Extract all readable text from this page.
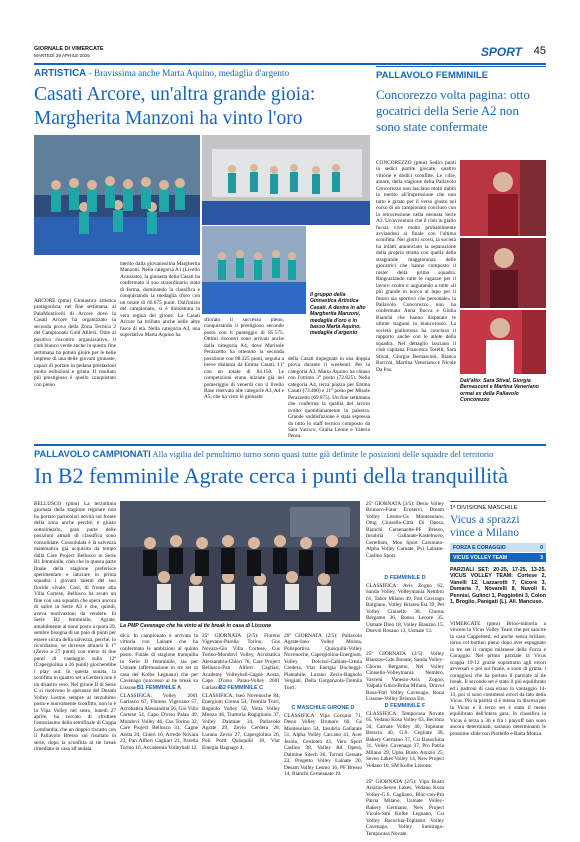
GIORNALE DI VIMERCATE
MARTEDÌ 29 APRILE 2025	SPORT 45
ARTISTICA - Bravissima anche Marta Aquino, medaglia d'argento
Casati Arcore, un'altra grande gioia: Margherita Manzoni ha vinto l'oro
Il gruppo della Ginnastica Artistica Casati. A destra in alto Margherita Manzoni, medaglia d'oro e in basso Marta Aquino, medaglia d'argento
ARCORE (pmu) Ginnastica artistica protagonista, nel fine settimana, al PalaMonticelli di Arcore dove la Casati Arcore ha organizzato la seconda prova della Zona Tecnica 2 del Campionato Gold Allievi. Oltre al positivo riscontro organizzativo, il club bianco verde anche in questo fine settimana ha potuto gioire per le belle imprese di una delle giovani ginnaste, capaci di portare in pedana prestazioni molto esibizioni e grinta. Il risultato più prestigioso è quello conquistato con pieno
merito dalla giovanissima Margherita Manzoni. Nella categoria A1 (Livello Avanzato), la ginnasta della Casati ha confermato il suo straordinario stato di forma, dominando la classifica e conquistando la medaglia d'oro con un totale di 66.675 punti. Dall'inizio del campionato, si è dimostrata la vera regina del girone. La Casati Arcore ha brillato anche nelle altre fasce di età. Nella categoria A3, una superlativa Marta Aquino ha
sfiorato il successo pieno, conquistando il prestigioso secondo posto con il punteggio di 85.575. Ottimi riscontri sono arrivati anche dalla categoria A4, dove Marisole Perazzetto ha ottenuto la seconda posizione con 88.325 punti, seguita a breve distanza da Emma Casati, 11ª con un totale di 84.150. Le competizioni erano iniziate già nel pomeriggio di venerdì con il livello Base riservato alle categorie A3, A4 e A5, che ha visto le ginnaste
della Casati impegnate in una doppia prova durante il weekend. Per la categoria A3, Marta Aquino ha chiuso con l'ottimo 3° posto (72.825). Nella categoria A4, terza piazza per Emma Casati (73.400) e 11° posto per Misole Perazzetto (69.875). Un fine settimana che conferma la qualità del lavoro svolto quotidianamente in palestra. Grande soddisfazione è stata espressa da tutto lo staff tecnico composto da Sara Varisco, Giulia Leone e Valeria Pensa.
PALLAVOLO FEMMINILE
Concorezzo volta pagina: otto gocatrici della Serie A2 non sono state confermate
CONCOREZZO (pmu) Sedici punti in sedici partite giocate, quattro vittorie e dodici sconfitte. Le cifre, amare, della stagione della Pallavolo Concorezzo non lasciano molti dubbi in merito all'impressione che non tutto è girato per il verso giusto nel corso di un campionato concluso con la retrocessione nella neonata Serie A3. Un'avventura che il club in giallo fucsia vive molto probabilmente avviandosi al finale con l'ultima sconfitta. Nei giorni scorsi, la società ha infatti annunciato la separazione dalla propria stratta con quella della stragrande maggioranza delle giocatrici che hanno composto il roster della prima squadra. Ringraziando tutte le ragazze per il lavoro svolto e augurando a tutte «il più grande in bocca al lupo per il futuro sia sportivo che personale» la Pallavolo Concorezzo non ha confermato Anna Bocca e Giulia Bianchi che hanno disputato le ultime stagioni in biancorosso. La società giallorossa ha concluso il rapporto anche con le atlete della squadra. Nel dettaglio lasciano il club capitana Francesca Torelli, Sara Stival, Giorgia Bernasconi, Bianca Barcchi, Martina Veneriano e Nicole Da Pos.
Dall'alto: Sara Stival, Giorgia Bernasconi e Martina Veneriano ormai ex della Pallavolo Concorezzo
PALLAVOLO CAMPIONATI Alla vigilia del penultimo turno sono quasi tutte già definite le posizioni delle squadre del territorio
In B2 femminile Agrate cerca i punti della tranquillità
BELLUSCO (pmu) La terzultima giornata della stagione regolare non ha portato particolari novità sul fronte della zona anche perché, è giusto sottolinearlo, gran parte delle posizioni attuali di classifica sono consolidate. Consolidata è la salvezza matematica già acquisita da tempo dalla Care Project Bellusco in Serie B1 femminile, club che in questa parte finale della stagione preferisce sperimentare e lanciare in prima squadra i giovani talenti del suo florido vivaio. Così, di fronte alla Villa Cortese, Bellusco ha avuto un fine con una squadra che spera ancora di salire in Serie A3 e che, quindi, aveva motivazioni da vendere. In Serie B2 femminile, Agrate, amabilmente al nono posto a quota 29, sembre bisogna di un paio di punti per essere sicura della salvezza, perché, lo ricordiamo, se dovesse attuarsi il 1° (Zevio a 27 punti) con meno di due punti di vantaggio sulla 12ª (Capergiolina a 26 punti) giocherebbe i play out. In questa sonata, la sconfitta in quattro set a Cerdera non è un disastro vero. Nel girone D di Serie C si risolvono le speranze del Desam Volley Lesmo sempre al terzultimo posto e nuovamente sconfitto, non lo è la Vipa Volley nel sesto, lunedì 27 aprile, ha cercato di sfruttare l'entusiasmo della semifinale di Coppa Lombardia, che un doppio riscatto con il Pallavolo Bresso sul risultato in serie, dopo la sconfitta al tie break rimediata in casa all'andata.
La PMP Cavenago che ha vinto al tie break in casa di Lissone
dica. In campionato è arrivata la vittoria con Lainate che ha confermato le ambizioni al quinto posto. Finale di stagione tranquilla in Serie D femminile, sia per Usmate (affermazione in tre set in casa del Kolbe Legnano) che per Cavenago (successo al tie break su Lissone)
B1 FEMMINILE A
CLASSIFICA: Volley 2001 Garlasco 67, Florens Vigevano 57, Acrobatica Alessandria 56, Giò Villa Cortese 54, Capo D'orso Palau 49, Mondovì Volley 46, Cus Torino 32, Care Project Bellusco 31, Cagne Aosta 24, Chieri 16, Arredo Novara 23, Pan Alfieri Cagliari 21, Parella Torino 16, Accademia Volleyball 12.
25ª GIORNATA (2/5): Florens Vigevano-Parella Torino, Gos Novara-Giò Villa Cortese, Cus Torino-Mondovì Volley, Acrobatica Alessandria-Chieri 76, Care Project Bellusco-Pan Alfieri Cagliari, Academy Volleyball-Cagne Aosta, Capo D'orso Palau-Volley 2001 Garlasco.
B2 FEMMINILE C
CLASSIFICA: Iseo Novenoche 84, Energium Crema 54, Tremila Torri, Bagnolo Volley 50, Volta Volley Monza 46, Trattoria Rugigiuolo 37, Volley Dalmine 34, Pallavolo Agrate 29, Zevio Cerdera 28, Lurano Zevio 27, Capergiolina 26, Poli Porti Quisquilii 18, Viar Energia Bagnago 4.
26ª GIORNATA (2/5): Pallavolo Agrate-Iseo Volley Monza, Polisportiva Quisquilii-Volley Novenoche, Capergiolina-Energium, Volley Dolcissi-Cabiate-Cresia Credera, Viar Energia Bucheggi-Plantabile, Lurano Zevio-Bagnolo Vergiati, Della Gorgonzola-Tremila Torri.
C MASCHILE GIRONE D
CLASSIFICA: Vipa Cocquio 71, Desio Volley Brunoro 60, Gs Montesolaro 54, Insubria Gallarate 51, Alpha Volley Carcano 41, Acer Jesolo, Cerdoten 41, Vero Sport Caslino 38, Volley Rd Opera, Dalmine Sitech 36, Torruti Gessate 23, Progetto Volley Lainate 20, Desam Volley Lesmo 16, PF Bresso 14, Bianchi Cerneanate 10.
25ª GIORNATA (3/5): Desio Volley Brunoro-Futur Ecoservi, Dream Volley Lesmo-Gs Montesolaro, Omg Cinisello-Città Di Opera, Bianchi Carsenaelte-PF Bresso, Insubria Gallarate-Kastelnovo, Certellum, Moo Sport Carsinino-Alpha Volley Carnate, Pvi Lainate-Caslino Sport.
D FEMMINILE D
CLASSIFICA: Avis Zogno 62, Sanda Volley, Volleymania Nembro 61, Tabor Milano 49, Fml Gavirago Bolgiano, Volley Briarea Est 39, Pet Volley Cinisello 38, Chorus Bergamo 36, Bonsu Lecore 35, Usmate Dino 18, Volley Bianzno 15, Duevol Rosano 13, Usmate 13.
25ª GIORNATA (2/5): Volley Bianzno-Gdu Bonate, Sanda Volley-Chorus Bergamo, Nel Volley Cinisello-Volleymania Nembro, Vavreni Vanesio-Avis Zogno, Valpala Gmra-Briha Milano, Dravol Rosa-Fml Volley Cavenago, Bona Lissone-Volley Brianza Est.
D FEMMINILE F
CLASSIFICA: Tempocasa Novate 65, Vedano Kosa Volley 63, Becrona 50, Carnate Volley 40, Topitatur Brescia 40, G.S. Cegliate 38, Bakery Germano 37, Csi Basuchina 31, Volley Cavenago 37, Pro Patria Milano 29, Upba Busto Arsizio 25, Seven Lakes Volley 14, New Project Vedano 10, SM Kolbe Lissone.
25ª GIORNATA (2/5): Vipa Busto Arsizio-Seven Lakes, Vedano Kosa Volley-G.S. Cagliano, Bloc-con-Pro Patria Milano, Usmate Volley-Bakery Germano, New Project Vicolo-Smi Kolbe Legnano, Csi Volley Bacuchia-Topitatur Volley Cavenago, Volley Sumirago-Tempocasa Novate.
1ª DIVISIONE MASCHILE
Vicus a sprazzi vince a Milano
FORZA E CORAGGIO	0
VICUS VOLLEY TEAM	3
PARZIALI SET: 20-25, 17-25, 13-25. VICUS VOLLEY TEAM: Cortese 2, Vanelli 12, Lazzarotti 7, Cicorè 3, Demaria 7, Novarelli 8, Nuvoli 6, Pennisi, Gulinci 1, Peggiotini 3, Colon 1, Broglio, Panigati (L). All. Mancuso.
VIMERCATE (pmu) Brioo-mbioria a vincere la Vicus Volley Team che per sancire la casa Cappelletti, ed anche senza brillare, torna col bottino pieno dopo aver espugnato in tre set il campo milanese della Forza e Coraggio. Nel primo parziale la Vicus scappa 19-12 grazie soprattutto agli errori avversari e poi sul finale, a suon di grinta, i coraggiosi che ha portato il parziale al tie break. Il secondo set è stato il più equilibrato ed i padroni di casa erano in vantaggio 14-13, poi si sono commessi errori da lato della Vicus. Più la partita si è messa in discesa per la Vicus e il terzo set è stato il meno equilibrato dell'intera gara. In classifica la Vicus è terza a 36 e fra i playoff non sono ancora determinati, saranno determinanti le prossime sfide con Pioltello e Baita Monza.
